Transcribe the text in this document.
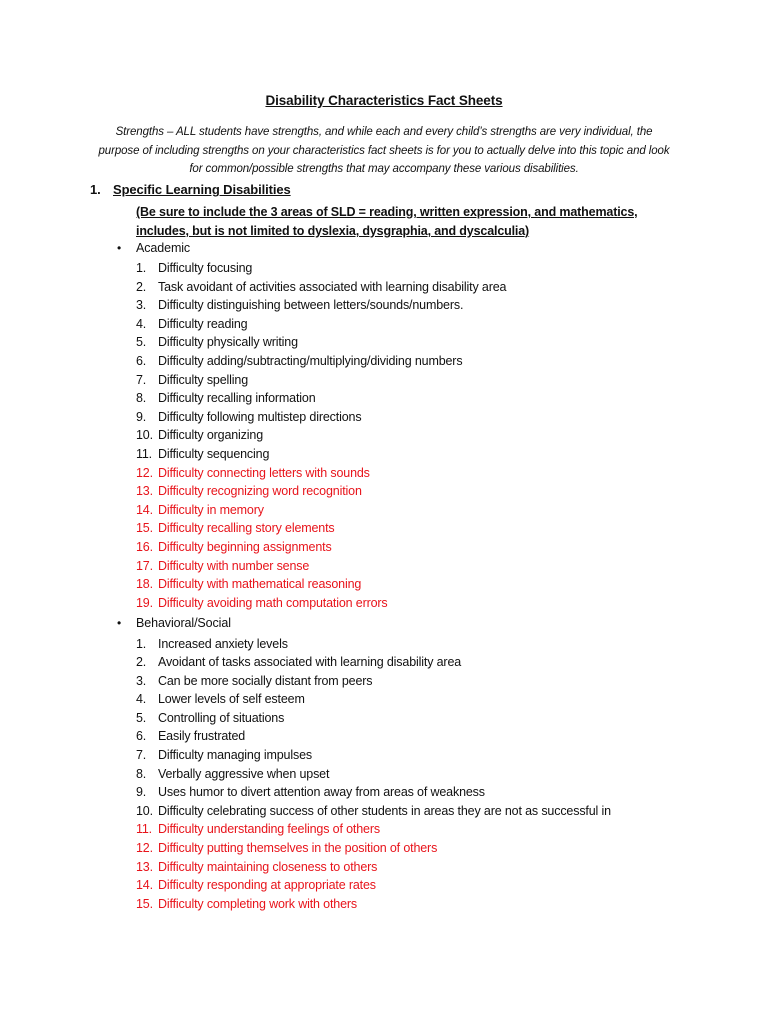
Disability Characteristics Fact Sheets
Strengths – ALL students have strengths, and while each and every child’s strengths are very individual, the purpose of including strengths on your characteristics fact sheets is for you to actually delve into this topic and look for common/possible strengths that may accompany these various disabilities.
1. Specific Learning Disabilities
(Be sure to include the 3 areas of SLD = reading, written expression, and mathematics, includes, but is not limited to dyslexia, dysgraphia, and dyscalculia)
• Academic
1. Difficulty focusing
2. Task avoidant of activities associated with learning disability area
3. Difficulty distinguishing between letters/sounds/numbers.
4. Difficulty reading
5. Difficulty physically writing
6. Difficulty adding/subtracting/multiplying/dividing numbers
7. Difficulty spelling
8. Difficulty recalling information
9. Difficulty following multistep directions
10. Difficulty organizing
11. Difficulty sequencing
12. Difficulty connecting letters with sounds
13. Difficulty recognizing word recognition
14. Difficulty in memory
15. Difficulty recalling story elements
16. Difficulty beginning assignments
17. Difficulty with number sense
18. Difficulty with mathematical reasoning
19. Difficulty avoiding math computation errors
• Behavioral/Social
1. Increased anxiety levels
2. Avoidant of tasks associated with learning disability area
3. Can be more socially distant from peers
4. Lower levels of self esteem
5. Controlling of situations
6. Easily frustrated
7. Difficulty managing impulses
8. Verbally aggressive when upset
9. Uses humor to divert attention away from areas of weakness
10. Difficulty celebrating success of other students in areas they are not as successful in
11. Difficulty understanding feelings of others
12. Difficulty putting themselves in the position of others
13. Difficulty maintaining closeness to others
14. Difficulty responding at appropriate rates
15. Difficulty completing work with others
